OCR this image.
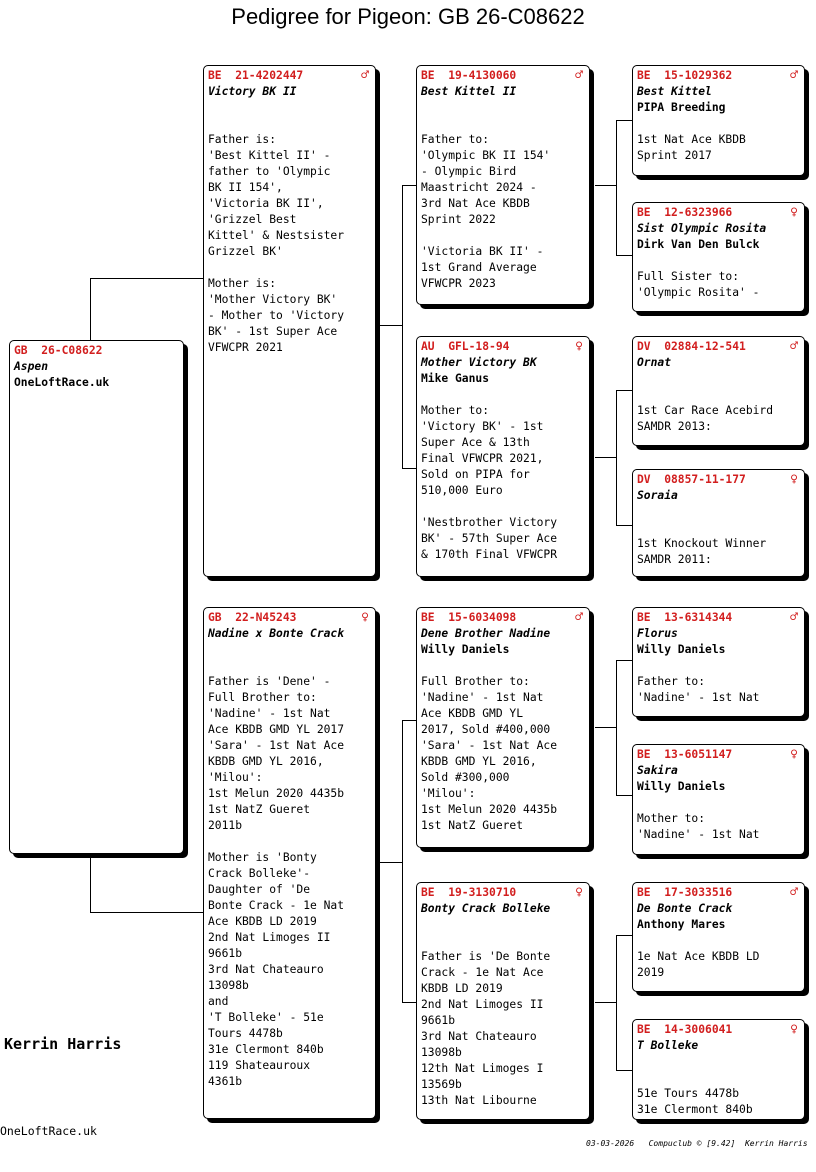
Pedigree for Pigeon: GB 26-C08622
GB  26-C08622
Aspen
OneLoftRace.uk
BE  21-4202447	♂
Victory BK II
Father is:
'Best Kittel II' -
father to 'Olympic
BK II 154',
'Victoria BK II',
'Grizzel Best
Kittel' & Nestsister
Grizzel BK'

Mother is:
'Mother Victory BK'
- Mother to 'Victory
BK' - 1st Super Ace
VFWCPR 2021
GB  22-N45243	♀
Nadine x Bonte Crack
Father is 'Dene' -
Full Brother to:
'Nadine' - 1st Nat
Ace KBDB GMD YL 2017
'Sara' - 1st Nat Ace
KBDB GMD YL 2016,
'Milou':
1st Melun 2020 4435b
1st NatZ Gueret
2011b

Mother is 'Bonty
Crack Bolleke'-
Daughter of 'De
Bonte Crack - 1e Nat
Ace KBDB LD 2019
2nd Nat Limoges II
9661b
3rd Nat Chateauro
13098b
and
'T Bolleke' - 51e
Tours 4478b
31e Clermont 840b
119 Shateauroux
4361b
BE  19-4130060	♂
Best Kittel II
Father to:
'Olympic BK II 154'
- Olympic Bird
Maastricht 2024 -
3rd Nat Ace KBDB
Sprint 2022

'Victoria BK II' -
1st Grand Average
VFWCPR 2023
AU  GFL-18-94	♀
Mother Victory BK
Mike Ganus
Mother to:
'Victory BK' - 1st
Super Ace & 13th
Final VFWCPR 2021,
Sold on PIPA for
510,000 Euro

'Nestbrother Victory
BK' - 57th Super Ace
& 170th Final VFWCPR
BE  15-6034098	♂
Dene Brother Nadine
Willy Daniels
Full Brother to:
'Nadine' - 1st Nat
Ace KBDB GMD YL
2017, Sold #400,000
'Sara' - 1st Nat Ace
KBDB GMD YL 2016,
Sold #300,000
'Milou':
1st Melun 2020 4435b
1st NatZ Gueret
BE  19-3130710	♀
Bonty Crack Bolleke
Father is 'De Bonte
Crack - 1e Nat Ace
KBDB LD 2019
2nd Nat Limoges II
9661b
3rd Nat Chateauro
13098b
12th Nat Limoges I
13569b
13th Nat Libourne
BE  15-1029362	♂
Best Kittel
PIPA Breeding
1st Nat Ace KBDB
Sprint 2017
BE  12-6323966	♀
Sist Olympic Rosita
Dirk Van Den Bulck
Full Sister to:
'Olympic Rosita' -
DV  02884-12-541	♂
Ornat
1st Car Race Acebird
SAMDR 2013:
DV  08857-11-177	♀
Soraia
1st Knockout Winner
SAMDR 2011:
BE  13-6314344	♂
Florus
Willy Daniels
Father to:
'Nadine' - 1st Nat
BE  13-6051147	♀
Sakira
Willy Daniels
Mother to:
'Nadine' - 1st Nat
BE  17-3033516	♂
De Bonte Crack
Anthony Mares
1e Nat Ace KBDB LD
2019
BE  14-3006041	♀
T Bolleke
51e Tours 4478b
31e Clermont 840b
Kerrin Harris
OneLoftRace.uk
03-03-2026   Compuclub © [9.42]  Kerrin Harris
